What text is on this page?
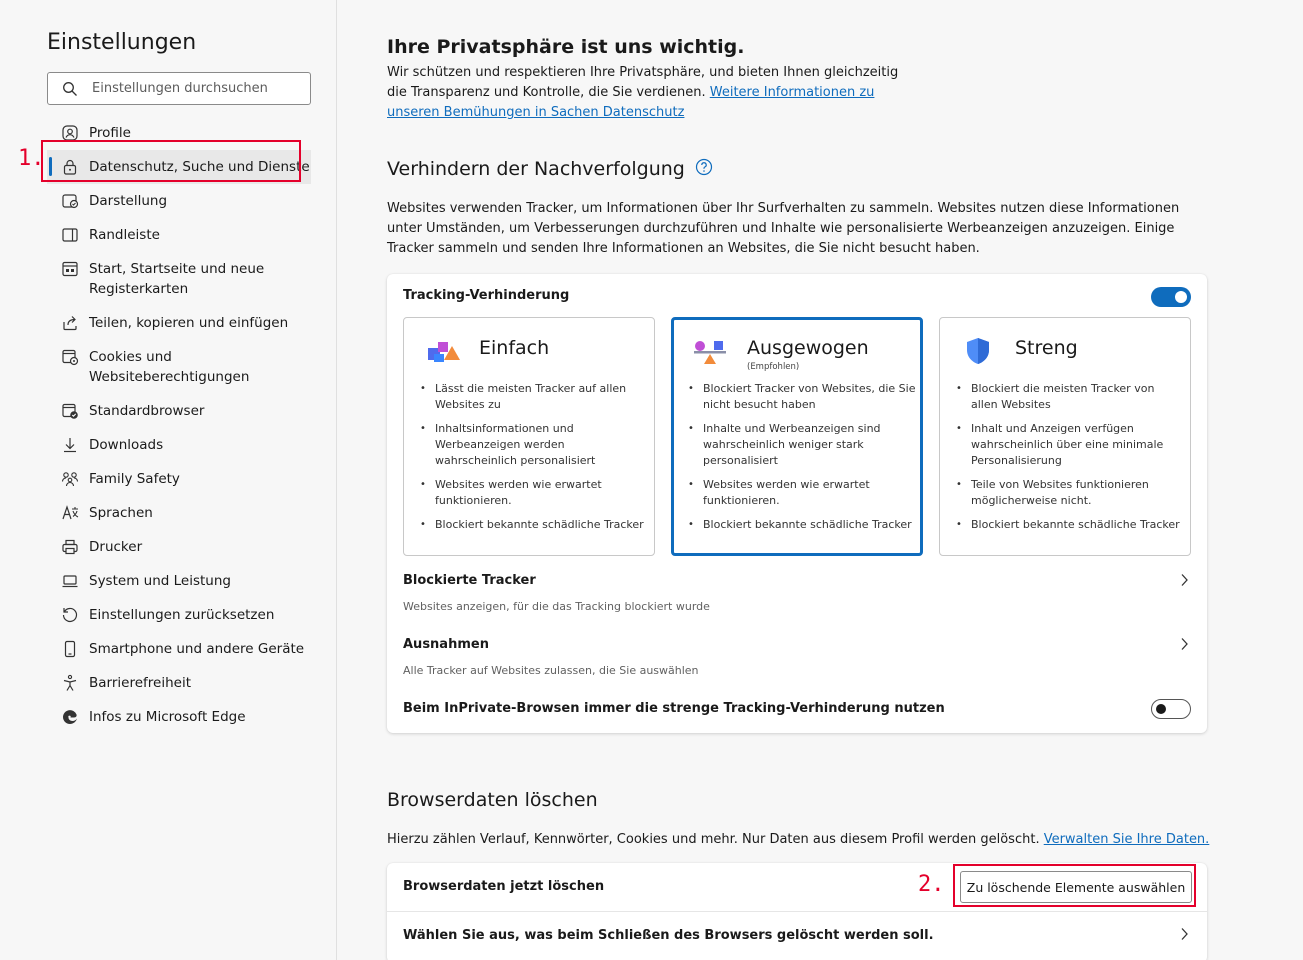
Einstellungen
Einstellungen durchsuchen
Profile
Datenschutz, Suche und Dienste
Darstellung
Randleiste
Start, Startseite und neue Registerkarten
Teilen, kopieren und einfügen
Cookies und Websiteberechtigungen
Standardbrowser
Downloads
Family Safety
Sprachen
Drucker
System und Leistung
Einstellungen zurücksetzen
Smartphone und andere Geräte
Barrierefreiheit
Infos zu Microsoft Edge
Ihre Privatsphäre ist uns wichtig.
Wir schützen und respektieren Ihre Privatsphäre, und bieten Ihnen gleichzeitig die Transparenz und Kontrolle, die Sie verdienen. Weitere Informationen zu unseren Bemühungen in Sachen Datenschutz
Verhindern der Nachverfolgung
Websites verwenden Tracker, um Informationen über Ihr Surfverhalten zu sammeln. Websites nutzen diese Informationen unter Umständen, um Verbesserungen durchzuführen und Inhalte wie personalisierte Werbeanzeigen anzuzeigen. Einige Tracker sammeln und senden Ihre Informationen an Websites, die Sie nicht besucht haben.
Tracking-Verhinderung
Einfach
• Lässt die meisten Tracker auf allen Websites zu
• Inhaltsinformationen und Werbeanzeigen werden wahrscheinlich personalisiert
• Websites werden wie erwartet funktionieren.
• Blockiert bekannte schädliche Tracker
Ausgewogen
(Empfohlen)
• Blockiert Tracker von Websites, die Sie nicht besucht haben
• Inhalte und Werbeanzeigen sind wahrscheinlich weniger stark personalisiert
• Websites werden wie erwartet funktionieren.
• Blockiert bekannte schädliche Tracker
Streng
• Blockiert die meisten Tracker von allen Websites
• Inhalt und Anzeigen verfügen wahrscheinlich über eine minimale Personalisierung
• Teile von Websites funktionieren möglicherweise nicht.
• Blockiert bekannte schädliche Tracker
Blockierte Tracker
Websites anzeigen, für die das Tracking blockiert wurde
Ausnahmen
Alle Tracker auf Websites zulassen, die Sie auswählen
Beim InPrivate-Browsen immer die strenge Tracking-Verhinderung nutzen
Browserdaten löschen
Hierzu zählen Verlauf, Kennwörter, Cookies und mehr. Nur Daten aus diesem Profil werden gelöscht. Verwalten Sie Ihre Daten.
Browserdaten jetzt löschen	Zu löschende Elemente auswählen
Wählen Sie aus, was beim Schließen des Browsers gelöscht werden soll.
1.
2.
